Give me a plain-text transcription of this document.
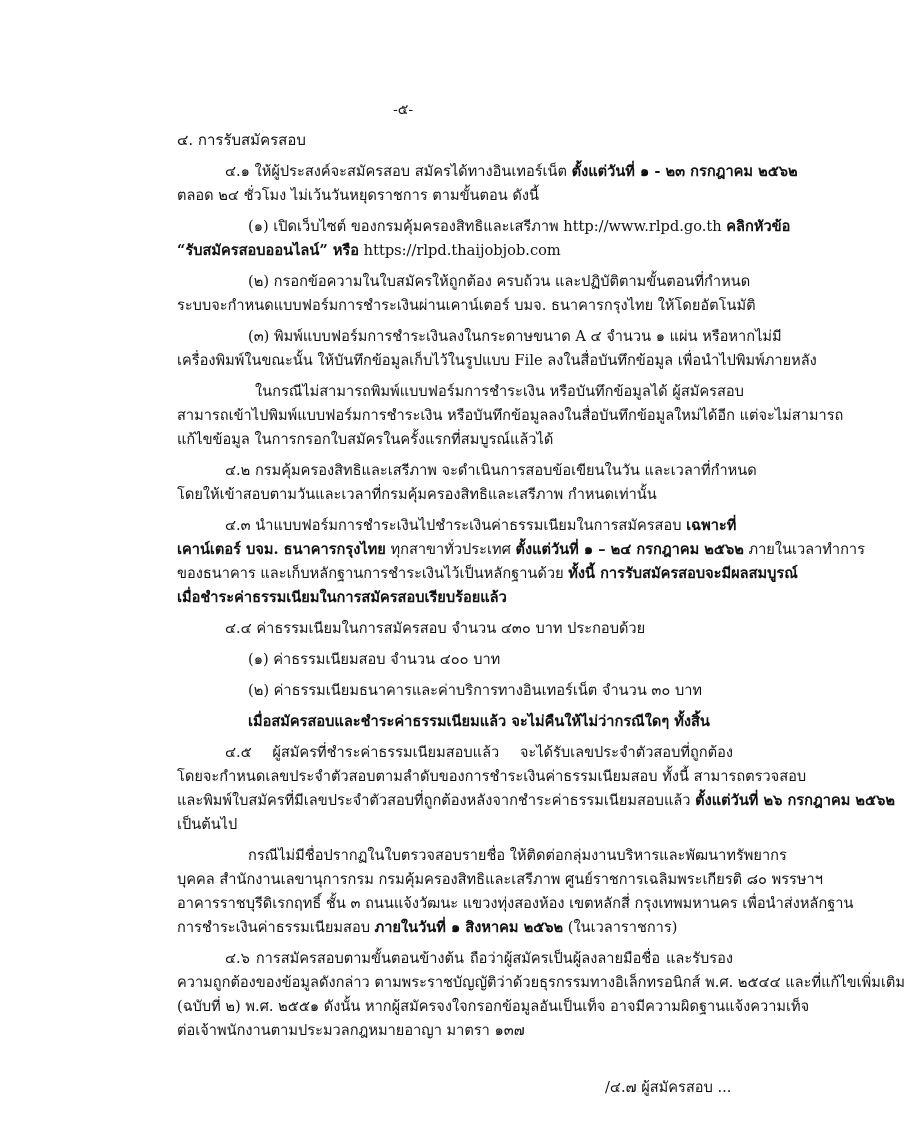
-๕-
๔. การรับสมัครสอบ
๔.๑ ให้ผู้ประสงค์จะสมัครสอบ สมัครได้ทางอินเทอร์เน็ต ตั้งแต่วันที่ ๑ - ๒๓ กรกฎาคม ๒๕๖๒
ตลอด ๒๔ ชั่วโมง ไม่เว้นวันหยุดราชการ ตามขั้นตอน ดังนี้
(๑) เปิดเว็บไซต์ ของกรมคุ้มครองสิทธิและเสรีภาพ http://www.rlpd.go.th คลิกหัวข้อ
“รับสมัครสอบออนไลน์” หรือ https://rlpd.thaijobjob.com
(๒) กรอกข้อความในใบสมัครให้ถูกต้อง ครบถ้วน และปฏิบัติตามขั้นตอนที่กำหนด
ระบบจะกำหนดแบบฟอร์มการชำระเงินผ่านเคาน์เตอร์ บมจ. ธนาคารกรุงไทย ให้โดยอัตโนมัติ
(๓) พิมพ์แบบฟอร์มการชำระเงินลงในกระดาษขนาด A ๔ จำนวน ๑ แผ่น หรือหากไม่มี
เครื่องพิมพ์ในขณะนั้น ให้บันทึกข้อมูลเก็บไว้ในรูปแบบ File ลงในสื่อบันทึกข้อมูล เพื่อนำไปพิมพ์ภายหลัง
ในกรณีไม่สามารถพิมพ์แบบฟอร์มการชำระเงิน หรือบันทึกข้อมูลได้ ผู้สมัครสอบ
สามารถเข้าไปพิมพ์แบบฟอร์มการชำระเงิน หรือบันทึกข้อมูลลงในสื่อบันทึกข้อมูลใหม่ได้อีก แต่จะไม่สามารถ
แก้ไขข้อมูล ในการกรอกใบสมัครในครั้งแรกที่สมบูรณ์แล้วได้
๔.๒ กรมคุ้มครองสิทธิและเสรีภาพ จะดำเนินการสอบข้อเขียนในวัน และเวลาที่กำหนด
โดยให้เข้าสอบตามวันและเวลาที่กรมคุ้มครองสิทธิและเสรีภาพ กำหนดเท่านั้น
๔.๓ นำแบบฟอร์มการชำระเงินไปชำระเงินค่าธรรมเนียมในการสมัครสอบ เฉพาะที่
เคาน์เตอร์ บจม. ธนาคารกรุงไทย ทุกสาขาทั่วประเทศ ตั้งแต่วันที่ ๑ – ๒๔ กรกฎาคม ๒๕๖๒ ภายในเวลาทำการ
ของธนาคาร และเก็บหลักฐานการชำระเงินไว้เป็นหลักฐานด้วย ทั้งนี้ การรับสมัครสอบจะมีผลสมบูรณ์
เมื่อชำระค่าธรรมเนียมในการสมัครสอบเรียบร้อยแล้ว
๔.๔ ค่าธรรมเนียมในการสมัครสอบ จำนวน ๔๓๐ บาท ประกอบด้วย
(๑) ค่าธรรมเนียมสอบ จำนวน ๔๐๐ บาท
(๒) ค่าธรรมเนียมธนาคารและค่าบริการทางอินเทอร์เน็ต จำนวน ๓๐ บาท
เมื่อสมัครสอบและชำระค่าธรรมเนียมแล้ว จะไม่คืนให้ไม่ว่ากรณีใดๆ ทั้งสิ้น
๔.๕ ผู้สมัครที่ชำระค่าธรรมเนียมสอบแล้ว จะได้รับเลขประจำตัวสอบที่ถูกต้อง
โดยจะกำหนดเลขประจำตัวสอบตามลำดับของการชำระเงินค่าธรรมเนียมสอบ ทั้งนี้ สามารถตรวจสอบ
และพิมพ์ใบสมัครที่มีเลขประจำตัวสอบที่ถูกต้องหลังจากชำระค่าธรรมเนียมสอบแล้ว ตั้งแต่วันที่ ๒๖ กรกฎาคม ๒๕๖๒
เป็นต้นไป
กรณีไม่มีชื่อปรากฏในใบตรวจสอบรายชื่อ ให้ติดต่อกลุ่มงานบริหารและพัฒนาทรัพยากร
บุคคล สำนักงานเลขานุการกรม กรมคุ้มครองสิทธิและเสรีภาพ ศูนย์ราชการเฉลิมพระเกียรติ ๘๐ พรรษาฯ
อาคารราชบุรีดิเรกฤทธิ์ ชั้น ๓ ถนนแจ้งวัฒนะ แขวงทุ่งสองห้อง เขตหลักสี่ กรุงเทพมหานคร เพื่อนำส่งหลักฐาน
การชำระเงินค่าธรรมเนียมสอบ ภายในวันที่ ๑ สิงหาคม ๒๕๖๒ (ในเวลาราชการ)
๔.๖ การสมัครสอบตามขั้นตอนข้างต้น ถือว่าผู้สมัครเป็นผู้ลงลายมือชื่อ และรับรอง
ความถูกต้องของข้อมูลดังกล่าว ตามพระราชบัญญัติว่าด้วยธุรกรรมทางอิเล็กทรอนิกส์ พ.ศ. ๒๕๔๔ และที่แก้ไขเพิ่มเติม
(ฉบับที่ ๒) พ.ศ. ๒๕๕๑ ดังนั้น หากผู้สมัครจงใจกรอกข้อมูลอันเป็นเท็จ อาจมีความผิดฐานแจ้งความเท็จ
ต่อเจ้าพนักงานตามประมวลกฎหมายอาญา มาตรา ๑๓๗
/๔.๗ ผู้สมัครสอบ ...
